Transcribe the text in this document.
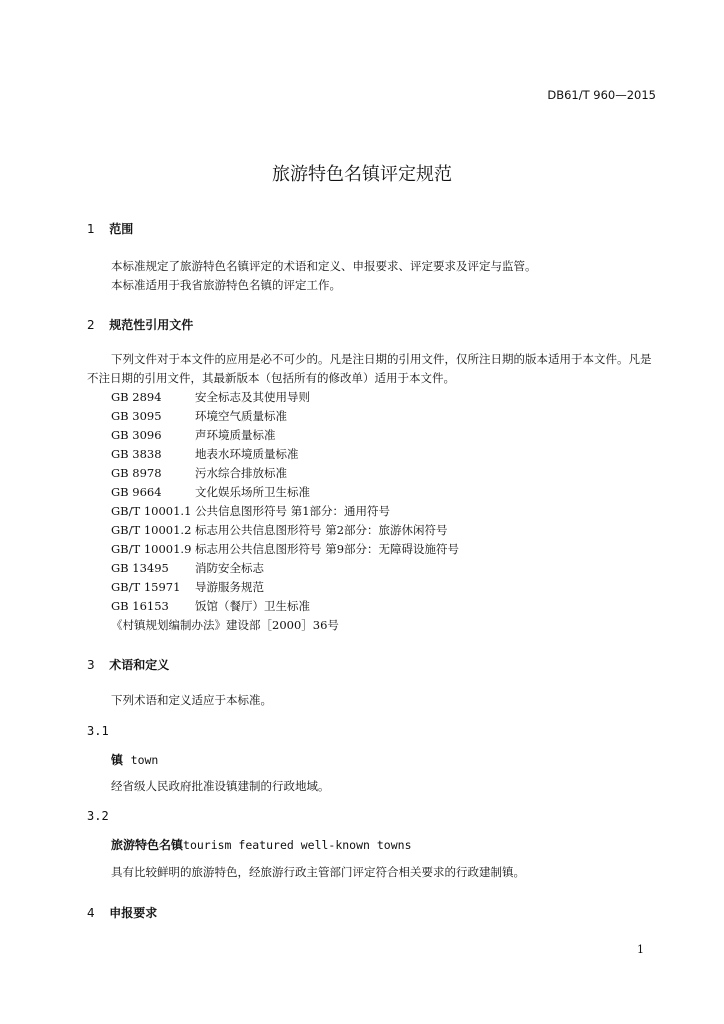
DB61/T 960—2015
旅游特色名镇评定规范
1 范围
本标准规定了旅游特色名镇评定的术语和定义、申报要求、评定要求及评定与监管。
本标准适用于我省旅游特色名镇的评定工作。
2 规范性引用文件
下列文件对于本文件的应用是必不可少的。凡是注日期的引用文件，仅所注日期的版本适用于本文件。凡是不注日期的引用文件，其最新版本（包括所有的修改单）适用于本文件。
GB 2894	安全标志及其使用导则
GB 3095	环境空气质量标准
GB 3096	声环境质量标准
GB 3838	地表水环境质量标准
GB 8978	污水综合排放标准
GB 9664	文化娱乐场所卫生标准
GB/T 10001.1 公共信息图形符号 第1部分：通用符号
GB/T 10001.2 标志用公共信息图形符号 第2部分：旅游休闲符号
GB/T 10001.9 标志用公共信息图形符号 第9部分：无障碍设施符号
GB 13495 消防安全标志
GB/T 15971 导游服务规范
GB 16153 饭馆（餐厅）卫生标准
《村镇规划编制办法》建设部［2000］36号
3 术语和定义
下列术语和定义适应于本标准。
3.1
镇 town
经省级人民政府批准设镇建制的行政地域。
3.2
旅游特色名镇tourism featured well-known towns
具有比较鲜明的旅游特色，经旅游行政主管部门评定符合相关要求的行政建制镇。
4 申报要求
1
